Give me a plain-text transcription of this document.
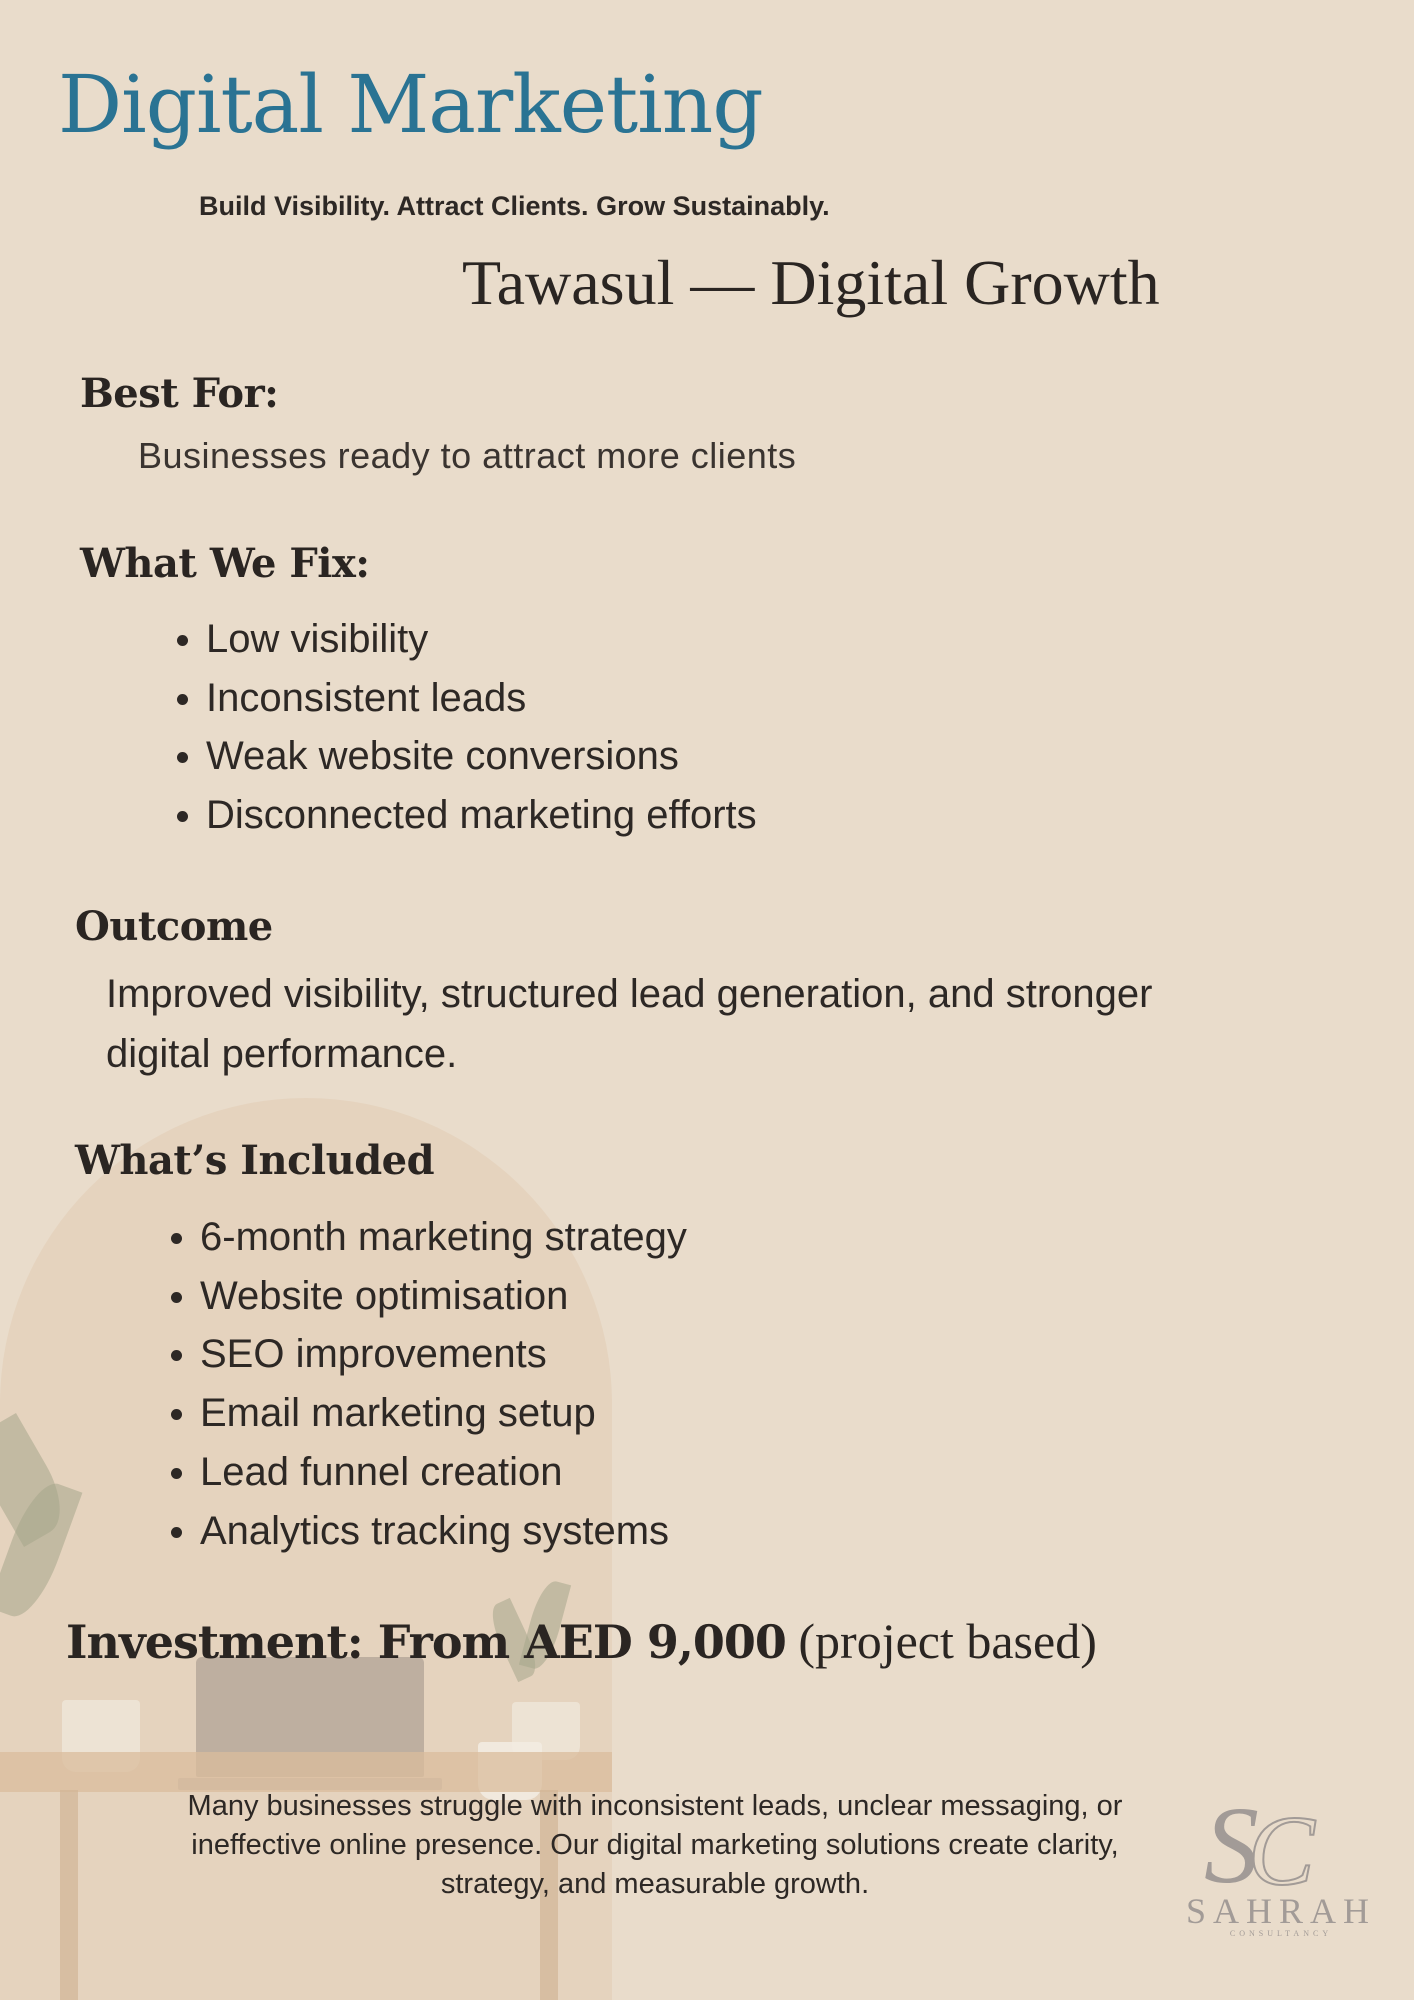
Digital Marketing
Build Visibility. Attract Clients. Grow Sustainably.
Tawasul — Digital Growth
Best For:
Businesses ready to attract more clients
What We Fix:
• Low visibility
• Inconsistent leads
• Weak website conversions
• Disconnected marketing efforts
Outcome
Improved visibility, structured lead generation, and stronger digital performance.
What’s Included
• 6-month marketing strategy
• Website optimisation
• SEO improvements
• Email marketing setup
• Lead funnel creation
• Analytics tracking systems
Investment: From AED 9,000 (project based)
Many businesses struggle with inconsistent leads, unclear messaging, or ineffective online presence. Our digital marketing solutions create clarity, strategy, and measurable growth.	S
C
SAHRAH
CONSULTANCY
